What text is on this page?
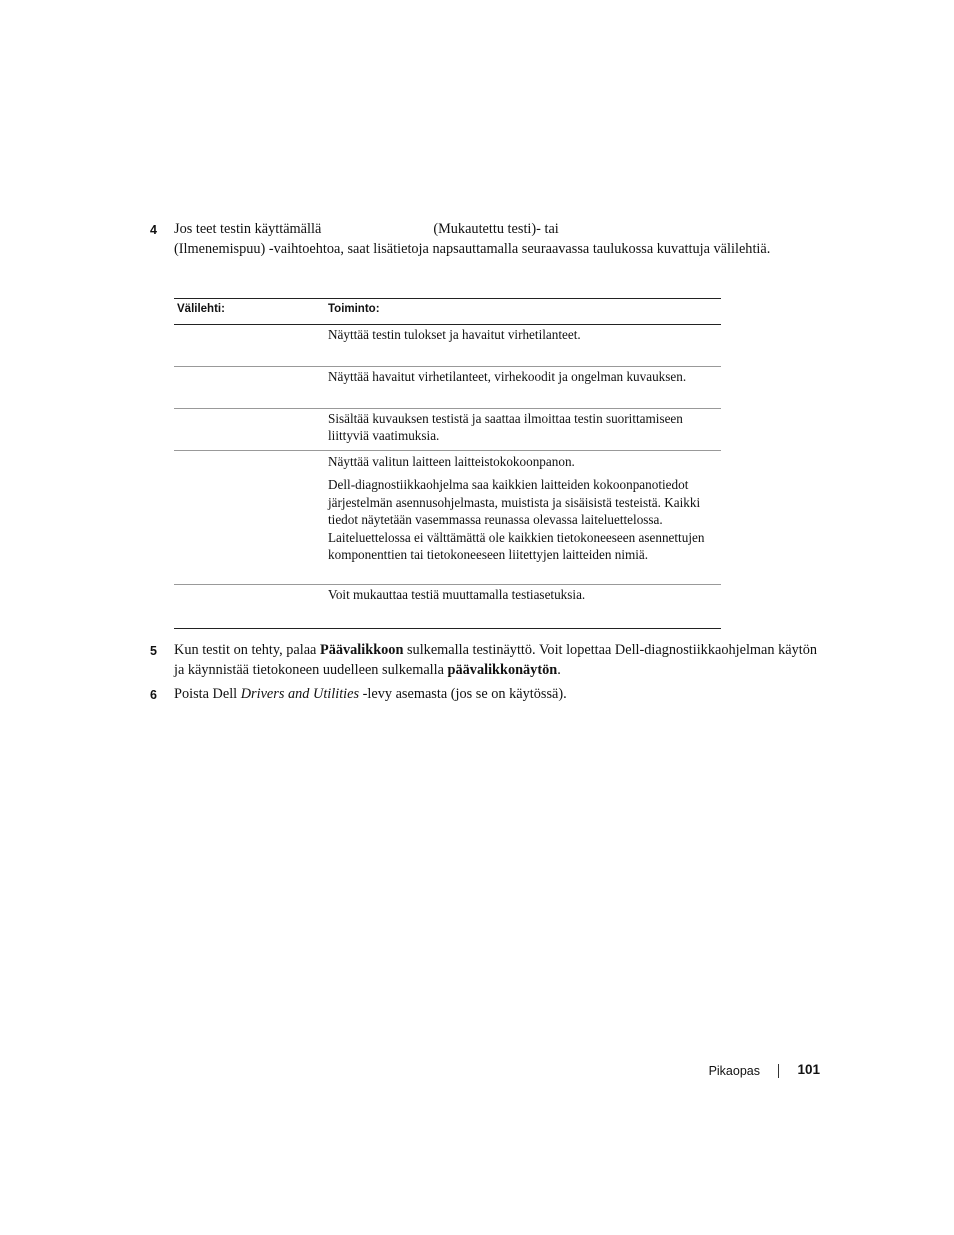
4 Jos teet testin käyttämällä	(Mukautettu testi)- tai
(Ilmenemispuu) -vaihtoehtoa, saat lisätietoja napsauttamalla seuraavassa taulukossa kuvattuja välilehtiä.
Välilehti:	Toiminto:

Näyttää testin tulokset ja havaitut virhetilanteet.

Näyttää havaitut virhetilanteet, virhekoodit ja ongelman kuvauksen.

Sisältää kuvauksen testistä ja saattaa ilmoittaa testin suorittamiseen liittyviä vaatimuksia.

Näyttää valitun laitteen laitteistokokoonpanon.

Dell-diagnostiikkaohjelma saa kaikkien laitteiden kokoonpanotiedot järjestelmän asennusohjelmasta, muistista ja sisäisistä testeistä. Kaikki tiedot näytetään vasemmassa reunassa olevassa laiteluettelossa. Laiteluettelossa ei välttämättä ole kaikkien tietokoneeseen asennettujen komponenttien tai tietokoneeseen liitettyjen laitteiden nimiä.

Voit mukauttaa testiä muuttamalla testiasetuksia.

5 Kun testit on tehty, palaa Päävalikkoon sulkemalla testinäyttö. Voit lopettaa Dell-diagnostiikkaohjelman käytön ja käynnistää tietokoneen uudelleen sulkemalla päävalikkonäytön.
6 Poista Dell Drivers and Utilities -levy asemasta (jos se on käytössä).
Pikaopas	101
